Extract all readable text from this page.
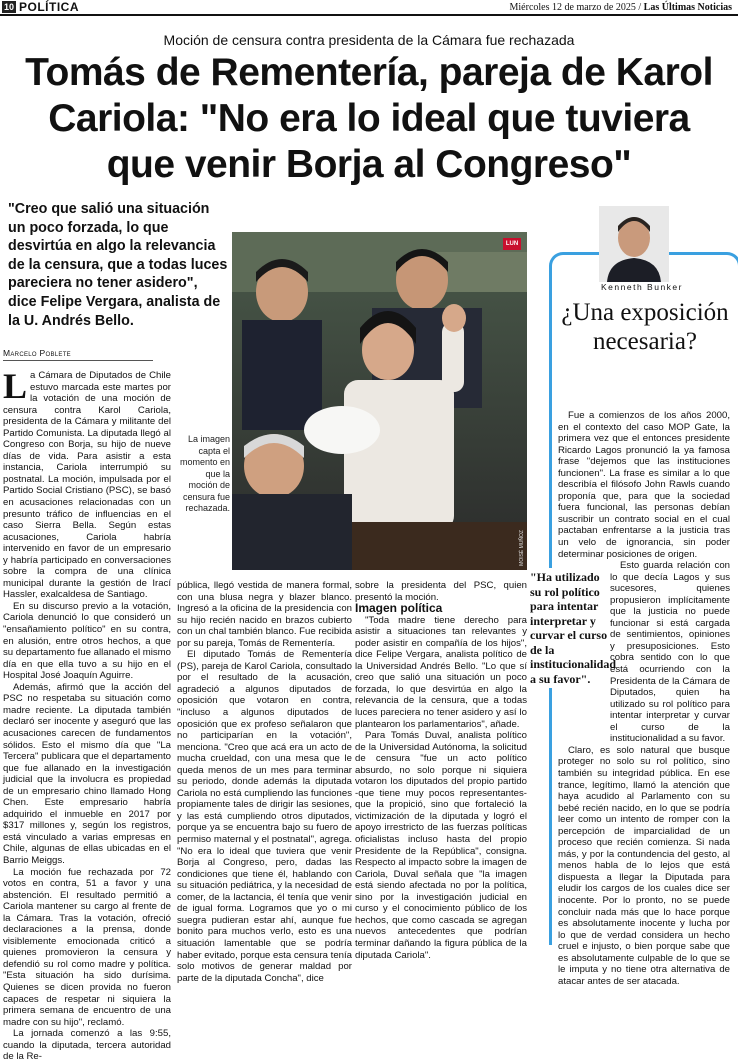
10 POLÍTICA	Miércoles 12 de marzo de 2025 / Las Últimas Noticias
Moción de censura contra presidenta de la Cámara fue rechazada
Tomás de Rementería, pareja de Karol Cariola: "No era lo ideal que tuviera que venir Borja al Congreso"
"Creo que salió una situación un poco forzada, lo que desvirtúa en algo la relevancia de la censura, que a todas luces pareciera no tener asidero", dice Felipe Vergara, analista de la U. Andrés Bello.
Marcelo Poblete
LUN
MOISÉ MUÑOZ
La imagen capta el momento en que la moción de censura fue rechazada.

La Cámara de Diputados de Chile estuvo marcada este martes por la votación de una moción de censura contra Karol Cariola, presidenta de la Cámara y militante del Partido Comunista. La diputada llegó al Congreso con Borja, su hijo de nueve días de vida. Para asistir a esta instancia, Cariola interrumpió su postnatal. La moción, impulsada por el Partido Social Cristiano (PSC), se basó en acusaciones relacionadas con un presunto tráfico de influencias en el caso Sierra Bella. Según estas acusaciones, Cariola habría intervenido en favor de un empresario y habría participado en conversaciones sobre la compra de una clínica municipal durante la gestión de Irací Hassler, exalcaldesa de Santiago.

En su discurso previo a la votación, Cariola denunció lo que consideró un "ensañamiento político" en su contra, en alusión, entre otros hechos, a que su departamento fue allanado el mismo día en que ella tuvo a su hijo en el Hospital José Joaquín Aguirre.

Además, afirmó que la acción del PSC no respetaba su situación como madre reciente. La diputada también declaró ser inocente y aseguró que las acusaciones carecen de fundamentos sólidos. Esto el mismo día que "La Tercera" publicara que el departamento que fue allanado en la investigación judicial que la involucra es propiedad de un empresario chino llamado Hong Chen. Este empresario habría adquirido el inmueble en 2017 por $317 millones y, según los registros, está vinculado a varias empresas en Chile, algunas de ellas ubicadas en el Barrio Meiggs.

La moción fue rechazada por 72 votos en contra, 51 a favor y una abstención. El resultado permitió a Cariola mantener su cargo al frente de la Cámara. Tras la votación, ofreció declaraciones a la prensa, donde visiblemente emocionada criticó a quienes promovieron la censura y defendió su rol como madre y política. "Esta situación ha sido durísima. Quienes se dicen provida no fueron capaces de respetar ni siquiera la primera semana de encuentro de una madre con su hijo", reclamó.

La jornada comenzó a las 9:55, cuando la diputada, tercera autoridad de la Re-

pública, llegó vestida de manera formal, con una blusa negra y blazer blanco. Ingresó a la oficina de la presidencia con su hijo recién nacido en brazos cubierto con un chal también blanco. Fue recibida por su pareja, Tomás de Rementería.

El diputado Tomás de Rementería (PS), pareja de Karol Cariola, consultado por el resultado de la acusación, agradeció a algunos diputados de oposición que votaron en contra, "incluso a algunos diputados de oposición que ex profeso señalaron que no participarían en la votación", menciona. "Creo que acá era un acto de mucha crueldad, con una mesa que le queda menos de un mes para terminar su periodo, donde además la diputada Cariola no está cumpliendo las funciones propiamente tales de dirigir las sesiones, y las está cumpliendo otros diputados, porque ya se encuentra bajo su fuero de permiso maternal y el postnatal", agrega. "No era lo ideal que tuviera que venir Borja al Congreso, pero, dadas las condiciones que tiene él, hablando con su situación pediátrica, y la necesidad de comer, de la lactancia, él tenía que venir de igual forma. Logramos que yo o mi suegra pudieran estar ahí, aunque fue bonito para muchos verlo, esto es una situación lamentable que se podría haber evitado, porque esta censura tenía solo motivos de generar maldad por parte de la diputada Concha", dice

sobre la presidenta del PSC, quien presentó la moción.

Imagen política

"Toda madre tiene derecho para asistir a situaciones tan relevantes y poder asistir en compañía de los hijos", dice Felipe Vergara, analista político de la Universidad Andrés Bello. "Lo que sí creo que salió una situación un poco forzada, lo que desvirtúa en algo la relevancia de la censura, que a todas luces pareciera no tener asidero y así lo plantearon los parlamentarios", añade.

Para Tomás Duval, analista político de la Universidad Autónoma, la solicitud de censura "fue un acto político absurdo, no solo porque ni siquiera votaron los diputados del propio partido -que tiene muy pocos representantes- que la propició, sino que fortaleció la victimización de la diputada y logró el apoyo irrestricto de las fuerzas políticas oficialistas incluso hasta del propio Presidente de la República", consigna. Respecto al impacto sobre la imagen de Cariola, Duval señala que "la imagen está siendo afectada no por la política, sino por la investigación judicial en curso y el conocimiento público de los hechos, que como cascada se agregan nuevos antecedentes que podrían terminar dañando la figura pública de la diputada Cariola".

Kenneth Bunker
¿Una exposición necesaria?

Fue a comienzos de los años 2000, en el contexto del caso MOP Gate, la primera vez que el entonces presidente Ricardo Lagos pronunció la ya famosa frase "dejemos que las instituciones funcionen". La frase es similar a lo que describía el filósofo John Rawls cuando proponía que, para que la sociedad fuera funcional, las personas debían suscribir un contrato social en el cual pactaban enfrentarse a la justicia tras un velo de ignorancia, sin poder determinar posiciones de origen.

Esto guarda relación con lo que decía Lagos y sus sucesores, quienes propusieron implícitamente que la justicia no puede funcionar si está cargada de sentimientos, opiniones y presuposiciones. Esto cobra sentido con lo que está ocurriendo con la Presidenta de la Cámara de Diputados, quien ha utilizado su rol político para intentar interpretar y curvar el curso de la institucionalidad a su favor.

Claro, es solo natural que busque proteger no solo su rol político, sino también su integridad pública. En ese trance, legítimo, llamó la atención que haya acudido al Parlamento con su bebé recién nacido, en lo que se podría leer como un intento de romper con la percepción de imparcialidad de un proceso que recién comienza. Si nada más, y por la contundencia del gesto, al menos habla de lo lejos que está dispuesta a llegar la Diputada para eludir los cargos de los cuales dice ser inocente. Por lo pronto, no se puede concluir nada más que lo hace porque es absolutamente inocente y lucha por lo que de verdad considera un hecho cruel e injusto, o bien porque sabe que es absolutamente culpable de lo que se le imputa y no tiene otra alternativa de atacar antes de ser atacada.

"Ha utilizado su rol político para intentar interpretar y curvar el curso de la institucionalidad a su favor".
